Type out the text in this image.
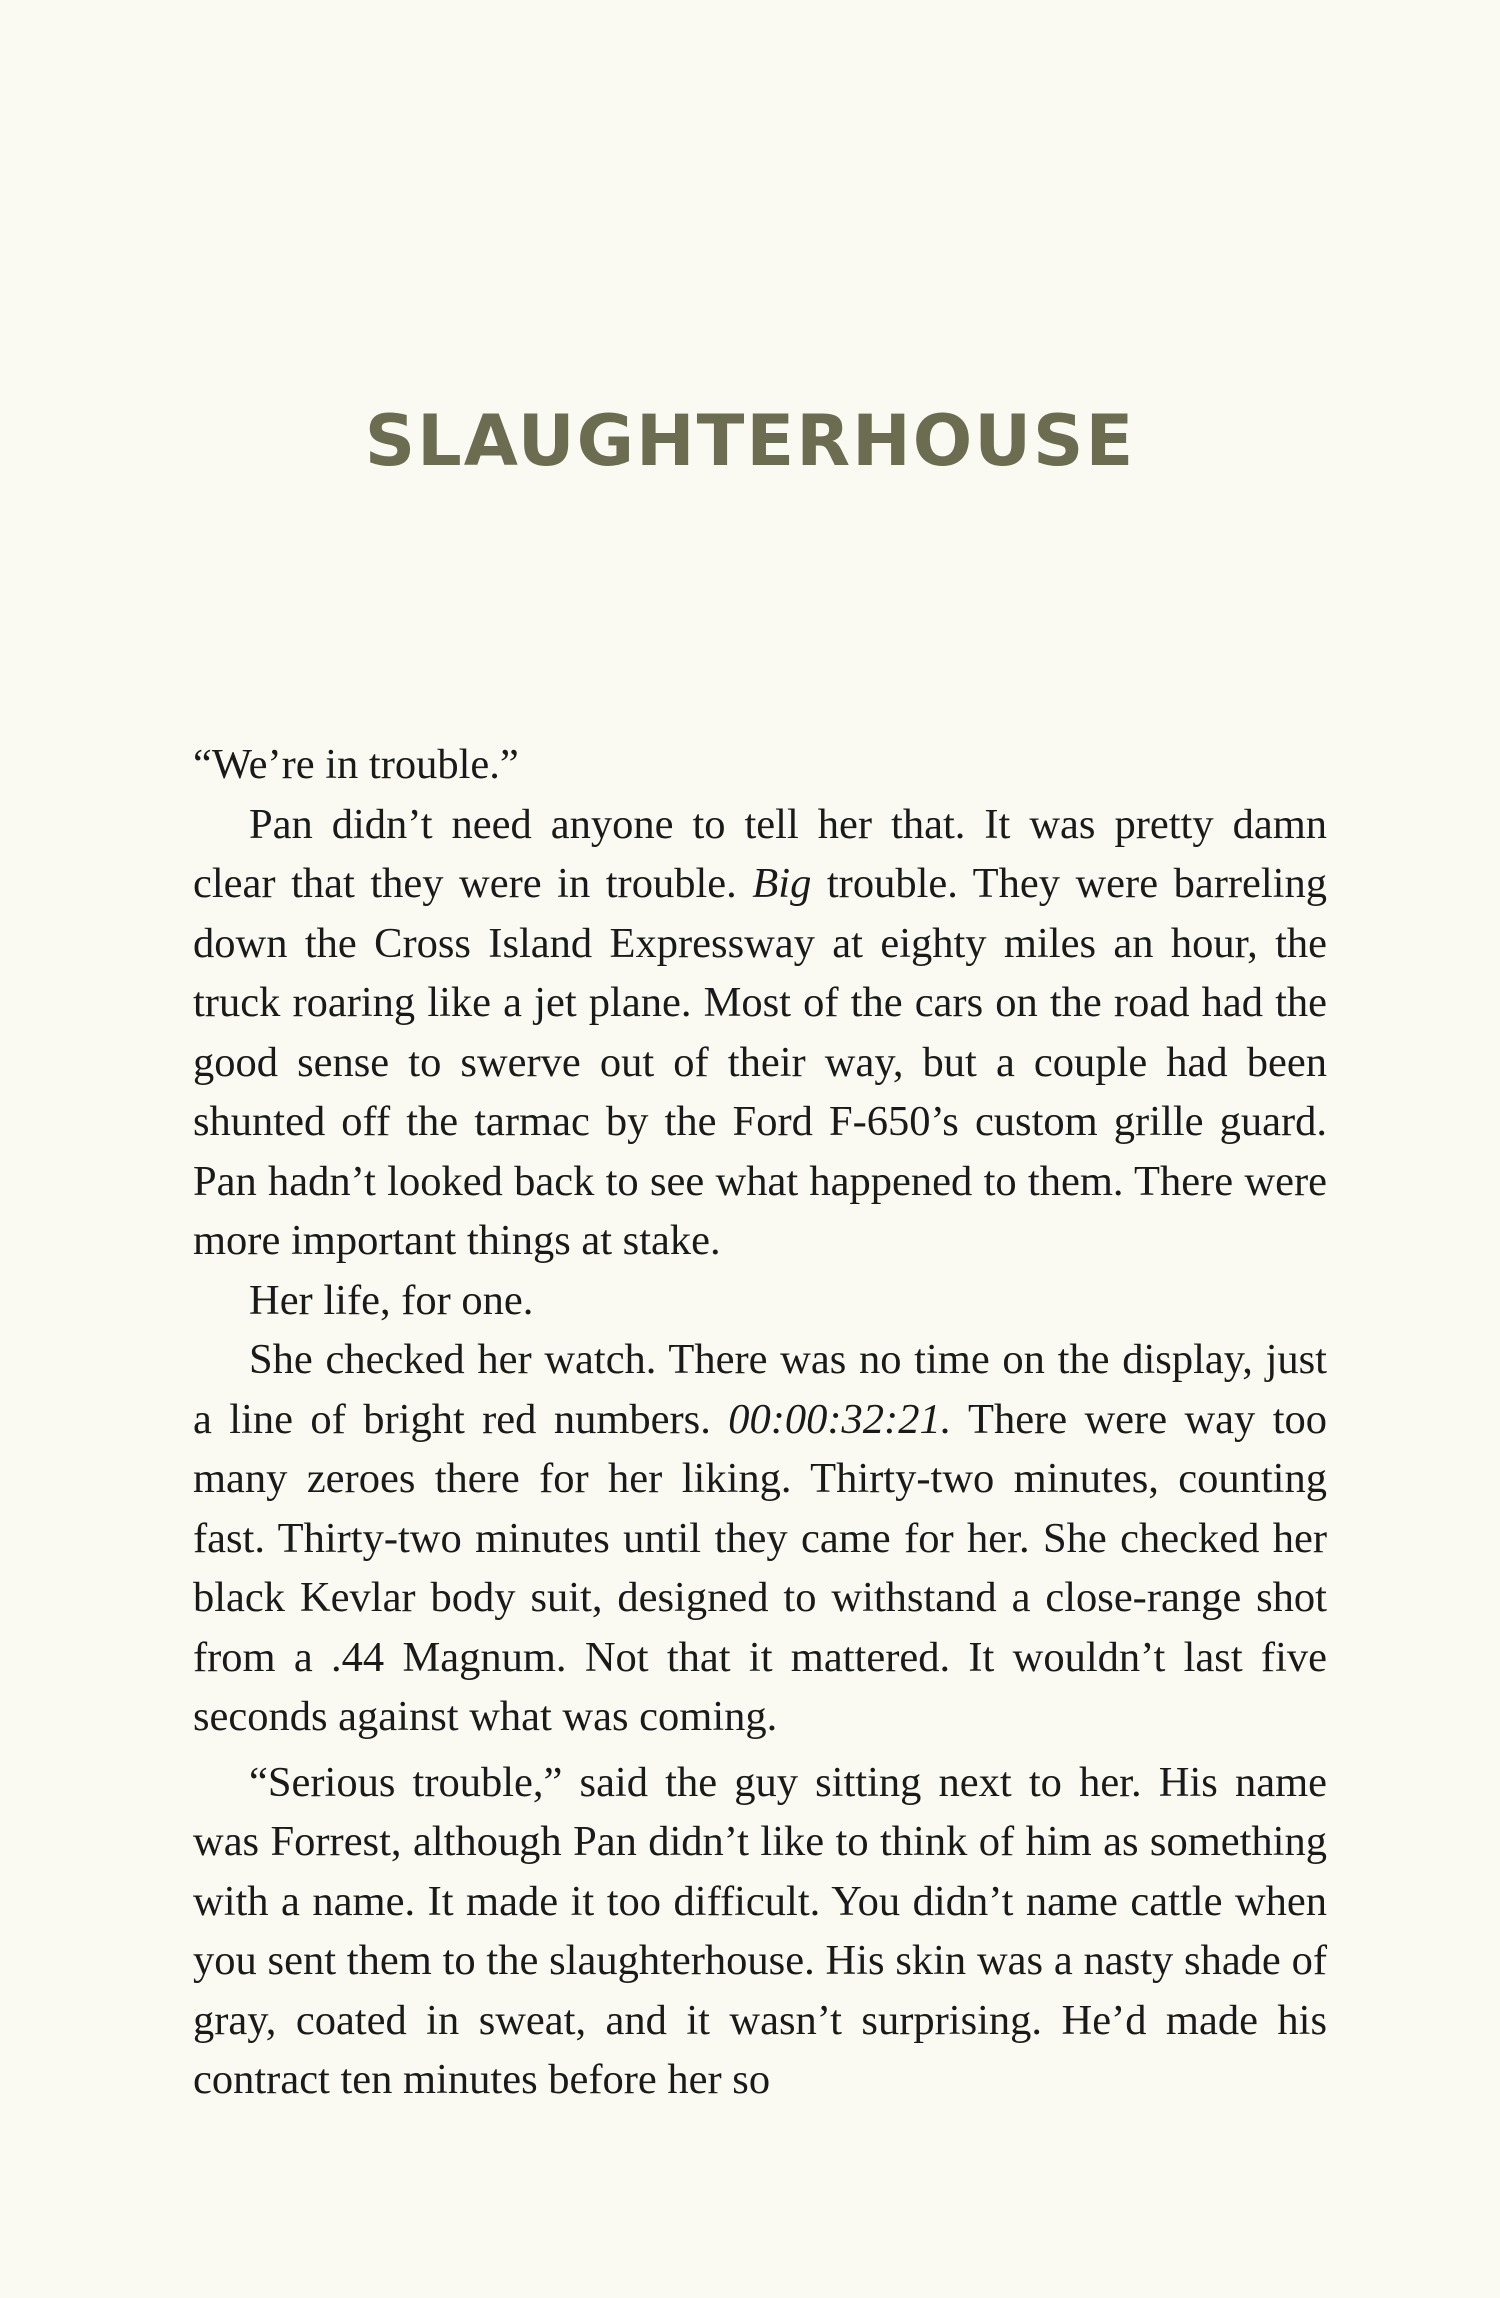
SLAUGHTERHOUSE

“We’re in trouble.”

Pan didn’t need anyone to tell her that. It was pretty damn clear that they were in trouble. Big trouble. They were barreling down the Cross Island Expressway at eighty miles an hour, the truck roaring like a jet plane. Most of the cars on the road had the good sense to swerve out of their way, but a couple had been shunted off the tarmac by the Ford F-650’s custom grille guard. Pan hadn’t looked back to see what happened to them. There were more important things at stake.

Her life, for one.

She checked her watch. There was no time on the display, just a line of bright red numbers. 00:00:32:21. There were way too many zeroes there for her liking. Thirty-two minutes, counting fast. Thirty-two minutes until they came for her. She checked her black Kevlar body suit, designed to withstand a close-range shot from a .44 Magnum. Not that it mattered. It wouldn’t last five seconds against what was coming.

“Serious trouble,” said the guy sitting next to her. His name was Forrest, although Pan didn’t like to think of him as something with a name. It made it too difficult. You didn’t name cattle when you sent them to the slaughterhouse. His skin was a nasty shade of gray, coated in sweat, and it wasn’t surprising. He’d made his contract ten minutes before her so
